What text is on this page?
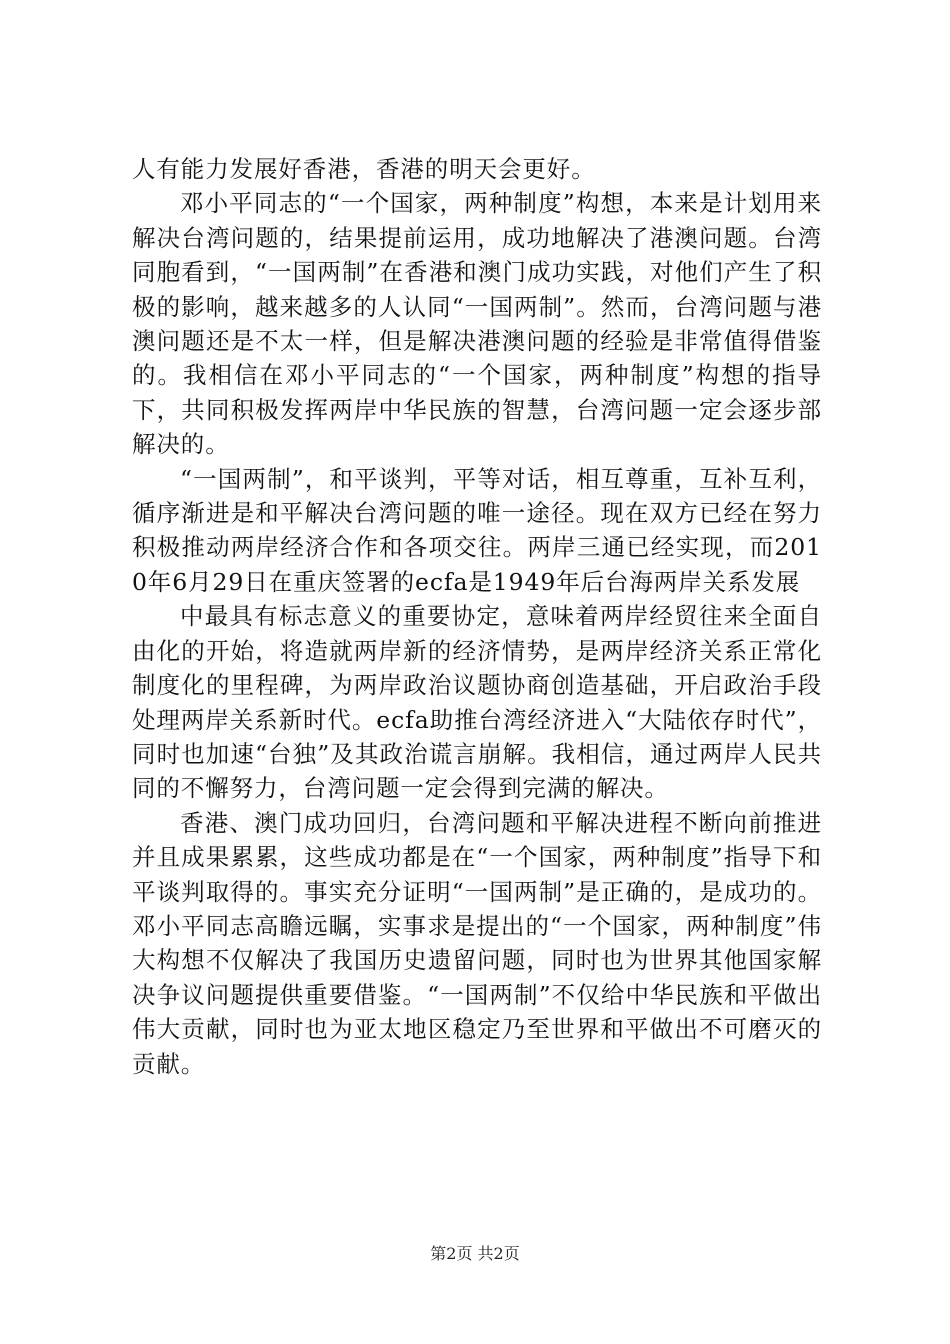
人有能力发展好香港，香港的明天会更好。

邓小平同志的“一个国家，两种制度”构想，本来是计划用来解决台湾问题的，结果提前运用，成功地解决了港澳问题。台湾同胞看到，“一国两制”在香港和澳门成功实践，对他们产生了积极的影响，越来越多的人认同“一国两制”。然而，台湾问题与港澳问题还是不太一样，但是解决港澳问题的经验是非常值得借鉴的。我相信在邓小平同志的“一个国家，两种制度”构想的指导下，共同积极发挥两岸中华民族的智慧，台湾问题一定会逐步部解决的。

“一国两制”，和平谈判，平等对话，相互尊重，互补互利，循序渐进是和平解决台湾问题的唯一途径。现在双方已经在努力积极推动两岸经济合作和各项交往。两岸三通已经实现，而2010年6月29日在重庆签署的ecfa是1949年后台海两岸关系发展

中最具有标志意义的重要协定，意味着两岸经贸往来全面自由化的开始，将造就两岸新的经济情势，是两岸经济关系正常化制度化的里程碑，为两岸政治议题协商创造基础，开启政治手段处理两岸关系新时代。ecfa助推台湾经济进入“大陆依存时代”，同时也加速“台独”及其政治谎言崩解。我相信，通过两岸人民共同的不懈努力，台湾问题一定会得到完满的解决。

香港、澳门成功回归，台湾问题和平解决进程不断向前推进并且成果累累，这些成功都是在“一个国家，两种制度”指导下和平谈判取得的。事实充分证明“一国两制”是正确的，是成功的。邓小平同志高瞻远瞩，实事求是提出的“一个国家，两种制度”伟大构想不仅解决了我国历史遗留问题，同时也为世界其他国家解决争议问题提供重要借鉴。“一国两制”不仅给中华民族和平做出伟大贡献，同时也为亚太地区稳定乃至世界和平做出不可磨灭的贡献。

第2页 共2页
